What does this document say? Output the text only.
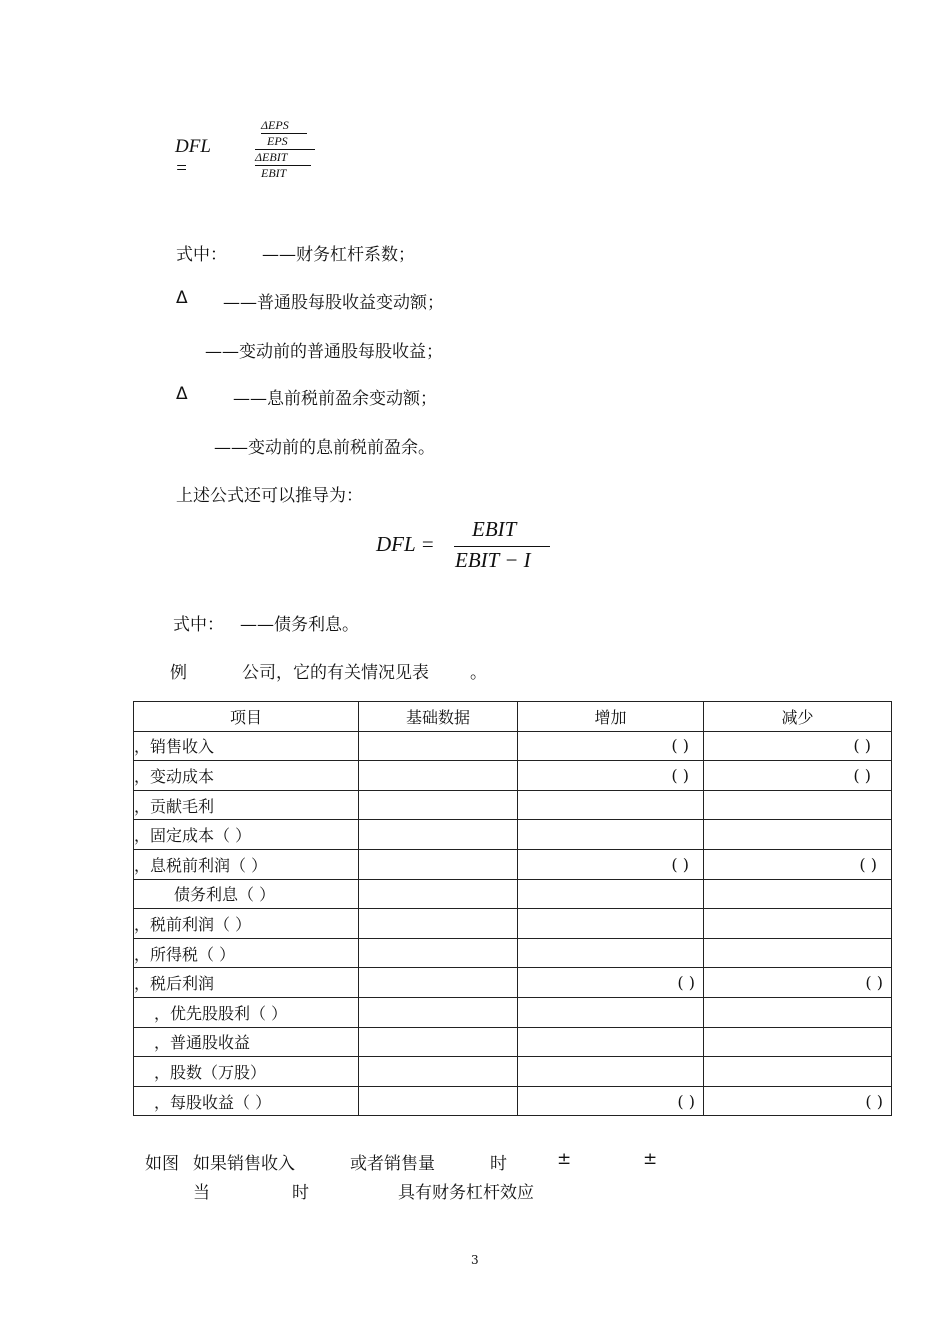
DFL =
ΔEPS
EPS
ΔEBIT
EBIT
式中： ——财务杠杆系数；
Δ ——普通股每股收益变动额；
——变动前的普通股每股收益；
Δ	——息前税前盈余变动额；
——变动前的息前税前盈余。
上述公式还可以推导为：
DFL =
EBIT
EBIT − I
式中： ——债务利息。
例	公司，它的有关情况见表 。
项目	基础数据	增加	减少
，销售收入		( )	( )
，变动成本		( )	( )
，贡献毛利			
，固定成本（ ）			
，息税前利润（ ）		( )	( )
债务利息（ ）			
，税前利润（ ）			
，所得税（ ）			
，税后利润		( )	( )
，优先股股利（ ）			
，普通股收益			
，股数（万股）			
，每股收益（ ）		( )	( )
如图 如果销售收入	或者销售量	时	±	±
当	时	具有财务杠杆效应
3
